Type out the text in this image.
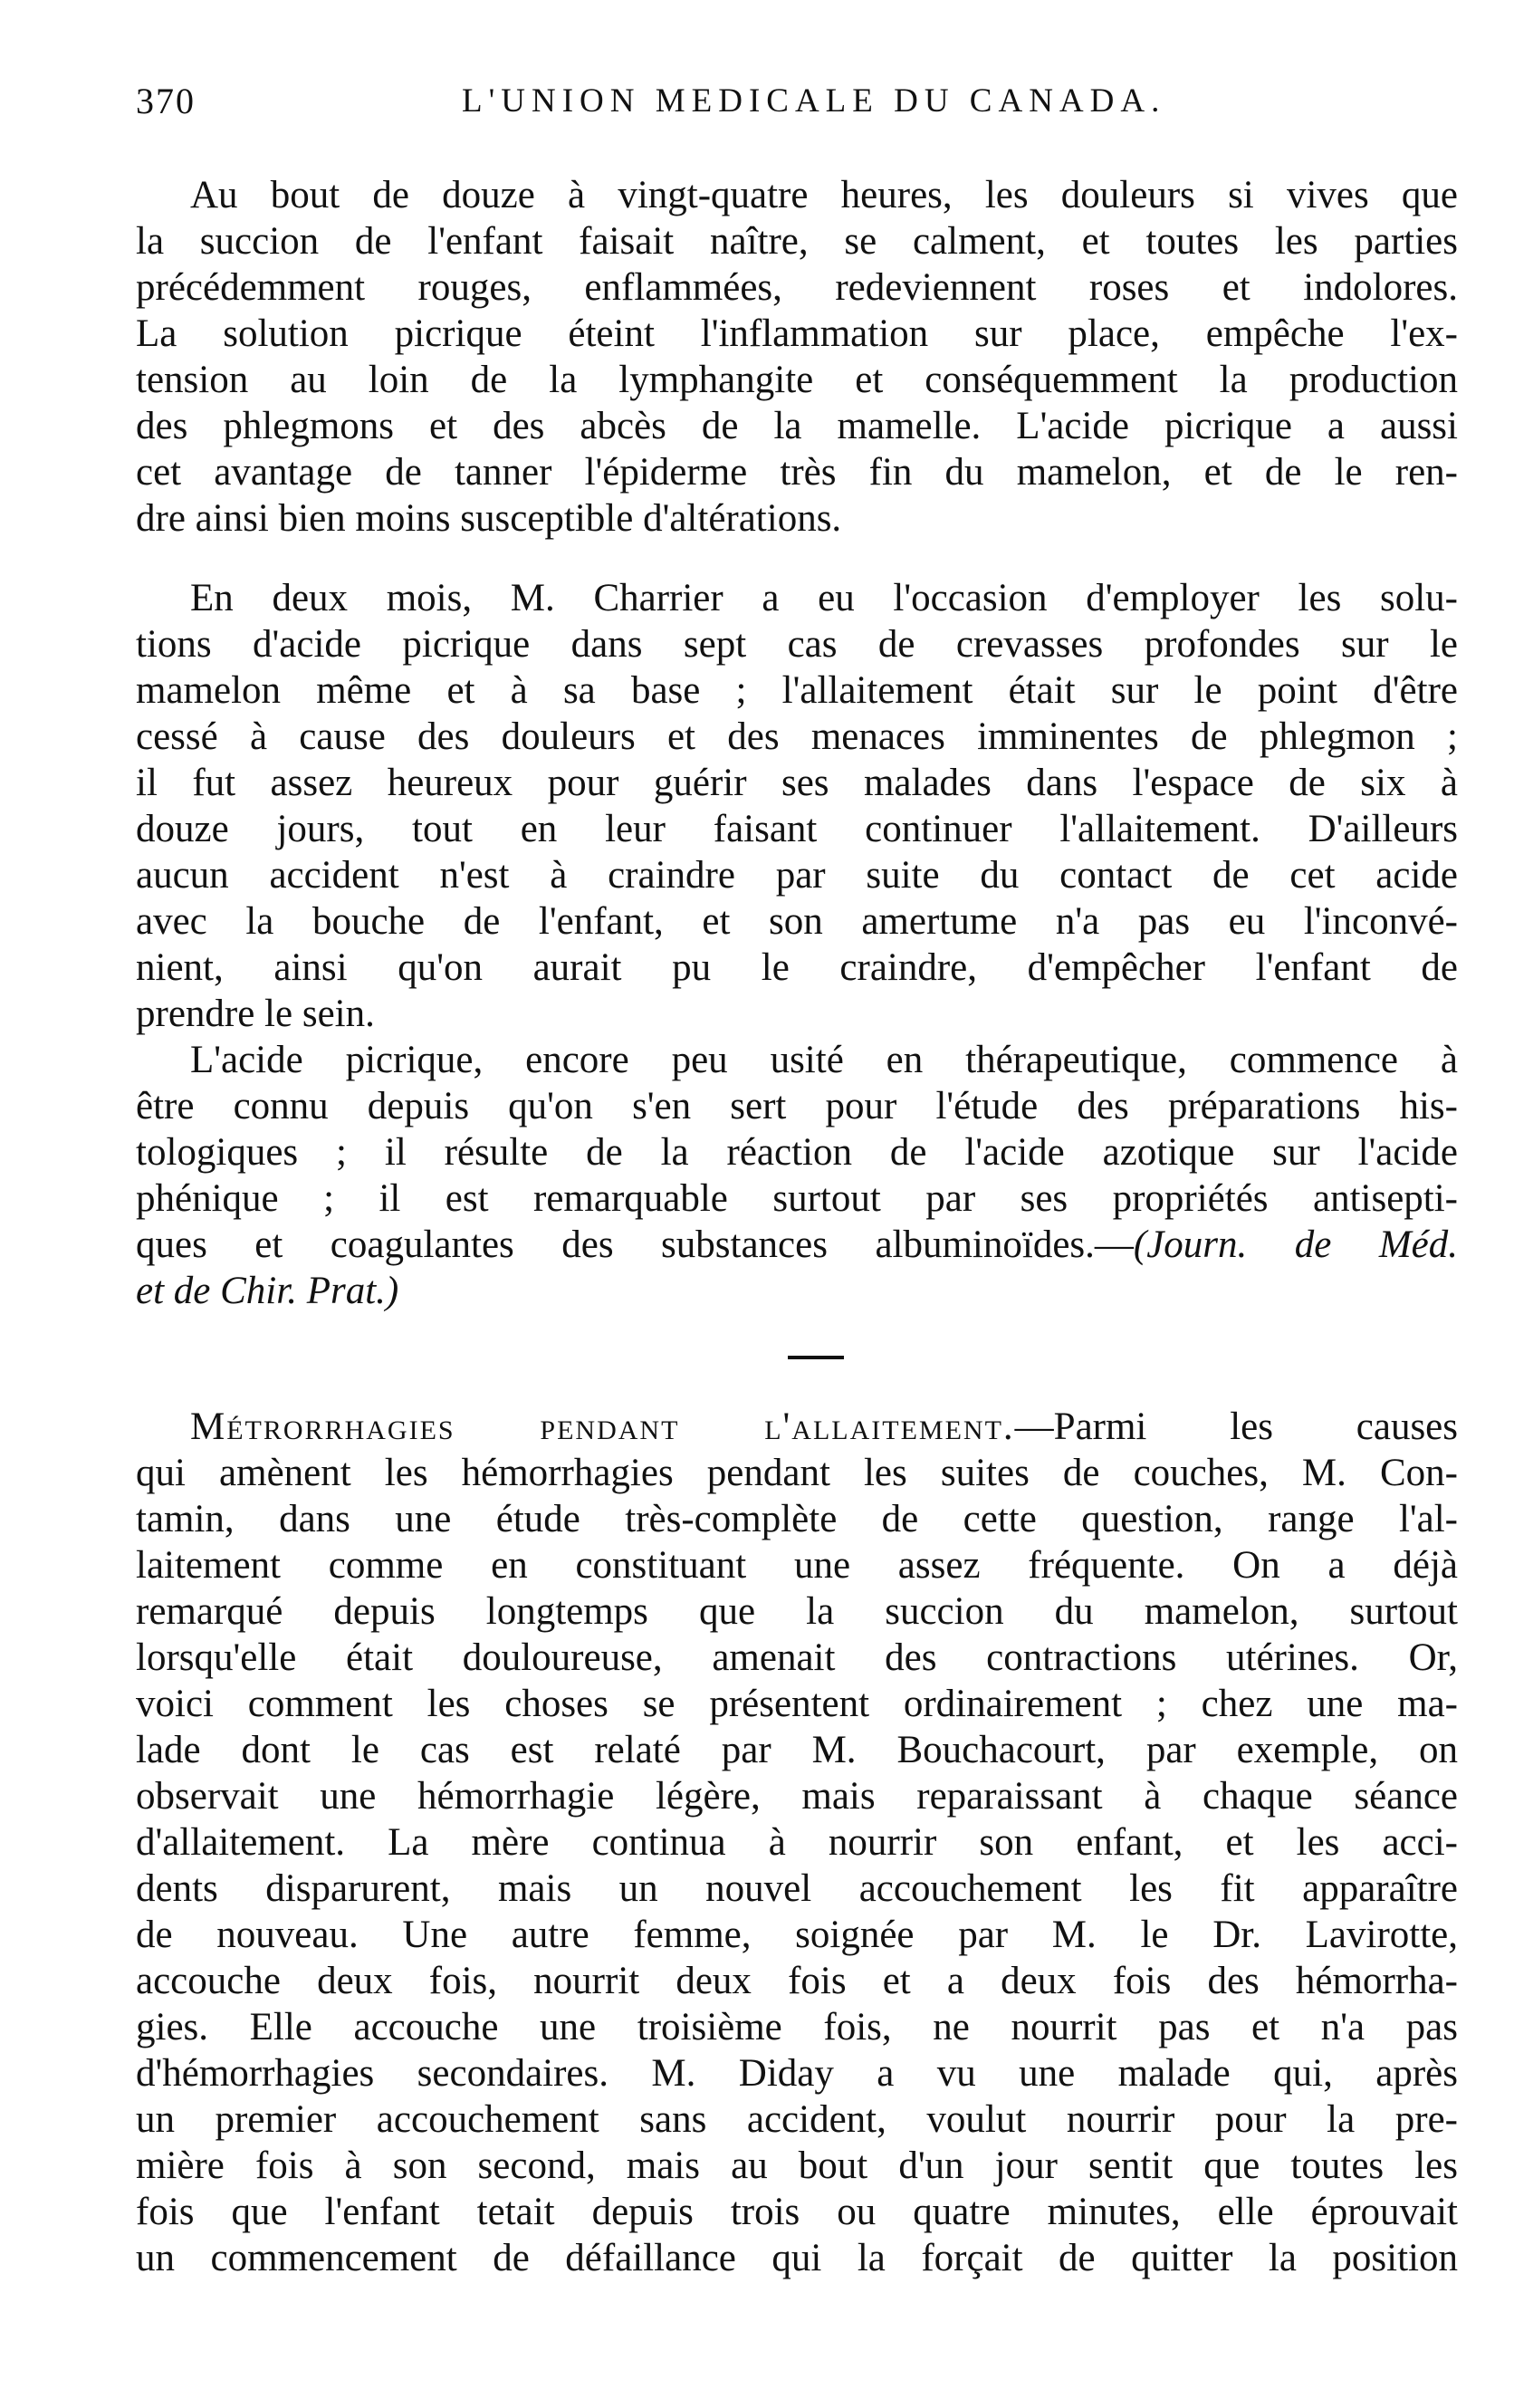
370	L'UNION MEDICALE DU CANADA.
Au bout de douze à vingt-quatre heures, les douleurs si vives que
la succion de l'enfant faisait naître, se calment, et toutes les parties
précédemment rouges, enflammées, redeviennent roses et indolores.
La solution picrique éteint l'inflammation sur place, empêche l'ex-
tension au loin de la lymphangite et conséquemment la production
des phlegmons et des abcès de la mamelle. L'acide picrique a aussi
cet avantage de tanner l'épiderme très fin du mamelon, et de le ren-
dre ainsi bien moins susceptible d'altérations.
En deux mois, M. Charrier a eu l'occasion d'employer les solu-
tions d'acide picrique dans sept cas de crevasses profondes sur le
mamelon même et à sa base ; l'allaitement était sur le point d'être
cessé à cause des douleurs et des menaces imminentes de phlegmon ;
il fut assez heureux pour guérir ses malades dans l'espace de six à
douze jours, tout en leur faisant continuer l'allaitement. D'ailleurs
aucun accident n'est à craindre par suite du contact de cet acide
avec la bouche de l'enfant, et son amertume n'a pas eu l'inconvé-
nient, ainsi qu'on aurait pu le craindre, d'empêcher l'enfant de
prendre le sein.
L'acide picrique, encore peu usité en thérapeutique, commence à
être connu depuis qu'on s'en sert pour l'étude des préparations his-
tologiques ; il résulte de la réaction de l'acide azotique sur l'acide
phénique ; il est remarquable surtout par ses propriétés antisepti-
ques et coagulantes des substances albuminoïdes.—(Journ. de Méd.
et de Chir. Prat.)
Métrorrhagies pendant l'allaitement.—Parmi les causes
qui amènent les hémorrhagies pendant les suites de couches, M. Con-
tamin, dans une étude très-complète de cette question, range l'al-
laitement comme en constituant une assez fréquente. On a déjà
remarqué depuis longtemps que la succion du mamelon, surtout
lorsqu'elle était douloureuse, amenait des contractions utérines. Or,
voici comment les choses se présentent ordinairement ; chez une ma-
lade dont le cas est relaté par M. Bouchacourt, par exemple, on
observait une hémorrhagie légère, mais reparaissant à chaque séance
d'allaitement. La mère continua à nourrir son enfant, et les acci-
dents disparurent, mais un nouvel accouchement les fit apparaître
de nouveau. Une autre femme, soignée par M. le Dr. Lavirotte,
accouche deux fois, nourrit deux fois et a deux fois des hémorrha-
gies. Elle accouche une troisième fois, ne nourrit pas et n'a pas
d'hémorrhagies secondaires. M. Diday a vu une malade qui, après
un premier accouchement sans accident, voulut nourrir pour la pre-
mière fois à son second, mais au bout d'un jour sentit que toutes les
fois que l'enfant tetait depuis trois ou quatre minutes, elle éprouvait
un commencement de défaillance qui la forçait de quitter la position
